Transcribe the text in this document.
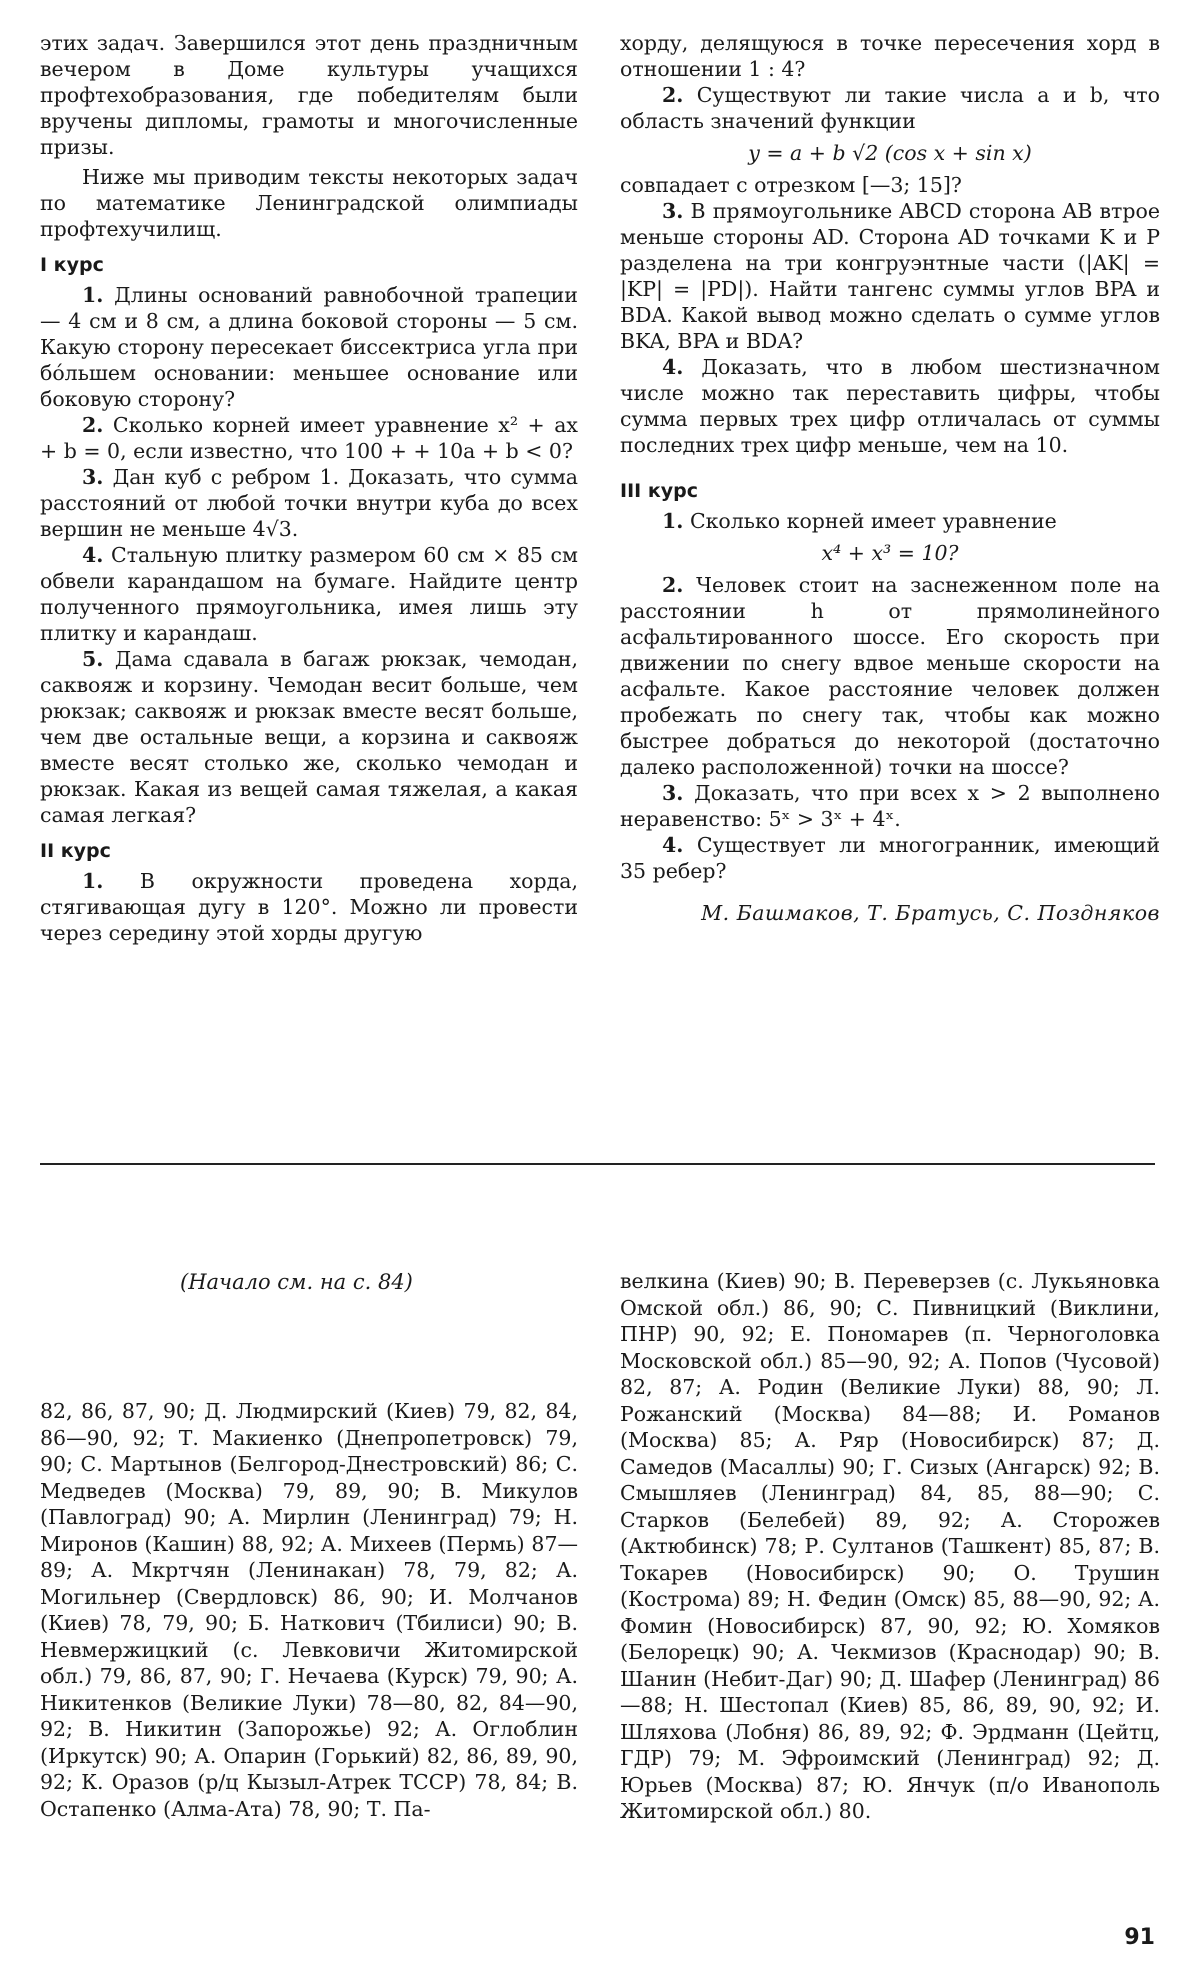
этих задач. Завершился этот день праздничным вечером в Доме культуры учащихся профтехобразования, где победителям были вручены дипломы, грамоты и многочисленные призы.

Ниже мы приводим тексты некоторых задач по математике Ленинградской олимпиады профтехучилищ.

I курс

1. Длины оснований равнобочной трапеции — 4 см и 8 см, а длина боковой стороны — 5 см. Какую сторону пересекает биссектриса угла при бóльшем основании: меньшее основание или боковую сторону?

2. Сколько корней имеет уравнение x² + ax + b = 0, если известно, что 100 + + 10a + b < 0?

3. Дан куб с ребром 1. Доказать, что сумма расстояний от любой точки внутри куба до всех вершин не меньше 4√3.

4. Стальную плитку размером 60 см × 85 см обвели карандашом на бумаге. Найдите центр полученного прямоугольника, имея лишь эту плитку и карандаш.

5. Дама сдавала в багаж рюкзак, чемодан, саквояж и корзину. Чемодан весит больше, чем рюкзак; саквояж и рюкзак вместе весят больше, чем две остальные вещи, а корзина и саквояж вместе весят столько же, сколько чемодан и рюкзак. Какая из вещей самая тяжелая, а какая самая легкая?

II курс

1. В окружности проведена хорда, стягивающая дугу в 120°. Можно ли провести через середину этой хорды другую

хорду, делящуюся в точке пересечения хорд в отношении 1 : 4?

2. Существуют ли такие числа a и b, что область значений функции

y = a + b √2 (cos x + sin x)

совпадает с отрезком [—3; 15]?

3. В прямоугольнике ABCD сторона AB втрое меньше стороны AD. Сторона AD точками K и P разделена на три конгруэнтные части (|AK| = |KP| = |PD|). Найти тангенс суммы углов BPA и BDA. Какой вывод можно сделать о сумме углов BKA, BPA и BDA?

4. Доказать, что в любом шестизначном числе можно так переставить цифры, чтобы сумма первых трех цифр отличалась от суммы последних трех цифр меньше, чем на 10.

III курс

1. Сколько корней имеет уравнение

x⁴ + x³ = 10?

2. Человек стоит на заснеженном поле на расстоянии h от прямолинейного асфальтированного шоссе. Его скорость при движении по снегу вдвое меньше скорости на асфальте. Какое расстояние человек должен пробежать по снегу так, чтобы как можно быстрее добраться до некоторой (достаточно далеко расположенной) точки на шоссе?

3. Доказать, что при всех x > 2 выполнено неравенство: 5ˣ > 3ˣ + 4ˣ.

4. Существует ли многогранник, имеющий 35 ребер?

М. Башмаков, Т. Братусь, С. Поздняков

(Начало см. на с. 84)

82, 86, 87, 90; Д. Людмирский (Киев) 79, 82, 84, 86—90, 92; Т. Макиенко (Днепропетровск) 79, 90; С. Мартынов (Белгород-Днестровский) 86; С. Медведев (Москва) 79, 89, 90; В. Микулов (Павлоград) 90; А. Мирлин (Ленинград) 79; Н. Миронов (Кашин) 88, 92; А. Михеев (Пермь) 87—89; А. Мкртчян (Ленинакан) 78, 79, 82; А. Могильнер (Свердловск) 86, 90; И. Молчанов (Киев) 78, 79, 90; Б. Наткович (Тбилиси) 90; В. Невмержицкий (с. Левковичи Житомирской обл.) 79, 86, 87, 90; Г. Нечаева (Курск) 79, 90; А. Никитенков (Великие Луки) 78—80, 82, 84—90, 92; В. Никитин (Запорожье) 92; А. Оглоблин (Иркутск) 90; А. Опарин (Горький) 82, 86, 89, 90, 92; К. Оразов (р/ц Кызыл-Атрек ТССР) 78, 84; В. Остапенко (Алма-Ата) 78, 90; Т. Па-

велкина (Киев) 90; В. Переверзев (с. Лукьяновка Омской обл.) 86, 90; С. Пивницкий (Виклини, ПНР) 90, 92; Е. Пономарев (п. Черноголовка Московской обл.) 85—90, 92; А. Попов (Чусовой) 82, 87; А. Родин (Великие Луки) 88, 90; Л. Рожанский (Москва) 84—88; И. Романов (Москва) 85; А. Ряр (Новосибирск) 87; Д. Самедов (Масаллы) 90; Г. Сизых (Ангарск) 92; В. Смышляев (Ленинград) 84, 85, 88—90; С. Старков (Белебей) 89, 92; А. Сторожев (Актюбинск) 78; Р. Султанов (Ташкент) 85, 87; В. Токарев (Новосибирск) 90; О. Трушин (Кострома) 89; Н. Федин (Омск) 85, 88—90, 92; А. Фомин (Новосибирск) 87, 90, 92; Ю. Хомяков (Белорецк) 90; А. Чекмизов (Краснодар) 90; В. Шанин (Небит-Даг) 90; Д. Шафер (Ленинград) 86—88; Н. Шестопал (Киев) 85, 86, 89, 90, 92; И. Шляхова (Лобня) 86, 89, 92; Ф. Эрдманн (Цейтц, ГДР) 79; М. Эфроимский (Ленинград) 92; Д. Юрьев (Москва) 87; Ю. Янчук (п/о Иванополь Житомирской обл.) 80.

91
